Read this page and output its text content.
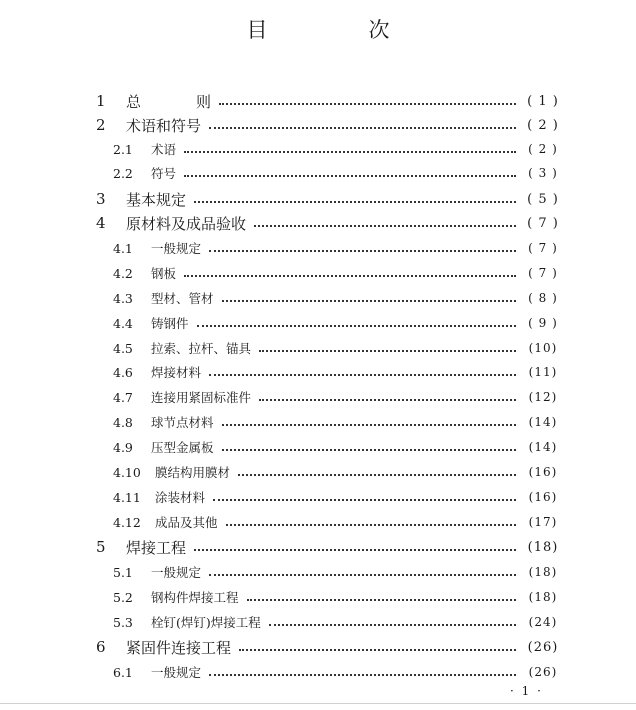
目　次
1	总　则	( 1 )
2	术语和符号	( 2 )
2.1	术语	( 2 )
2.2	符号	( 3 )
3	基本规定	( 5 )
4	原材料及成品验收	( 7 )
4.1	一般规定	( 7 )
4.2	钢板	( 7 )
4.3	型材、管材	( 8 )
4.4	铸钢件	( 9 )
4.5	拉索、拉杆、锚具	(10)
4.6	焊接材料	(11)
4.7	连接用紧固标准件	(12)
4.8	球节点材料	(14)
4.9	压型金属板	(14)
4.10	膜结构用膜材	(16)
4.11	涂装材料	(16)
4.12	成品及其他	(17)
5	焊接工程	(18)
5.1	一般规定	(18)
5.2	钢构件焊接工程	(18)
5.3	栓钉(焊钉)焊接工程	(24)
6	紧固件连接工程	(26)
6.1	一般规定	(26)
· 1 ·
